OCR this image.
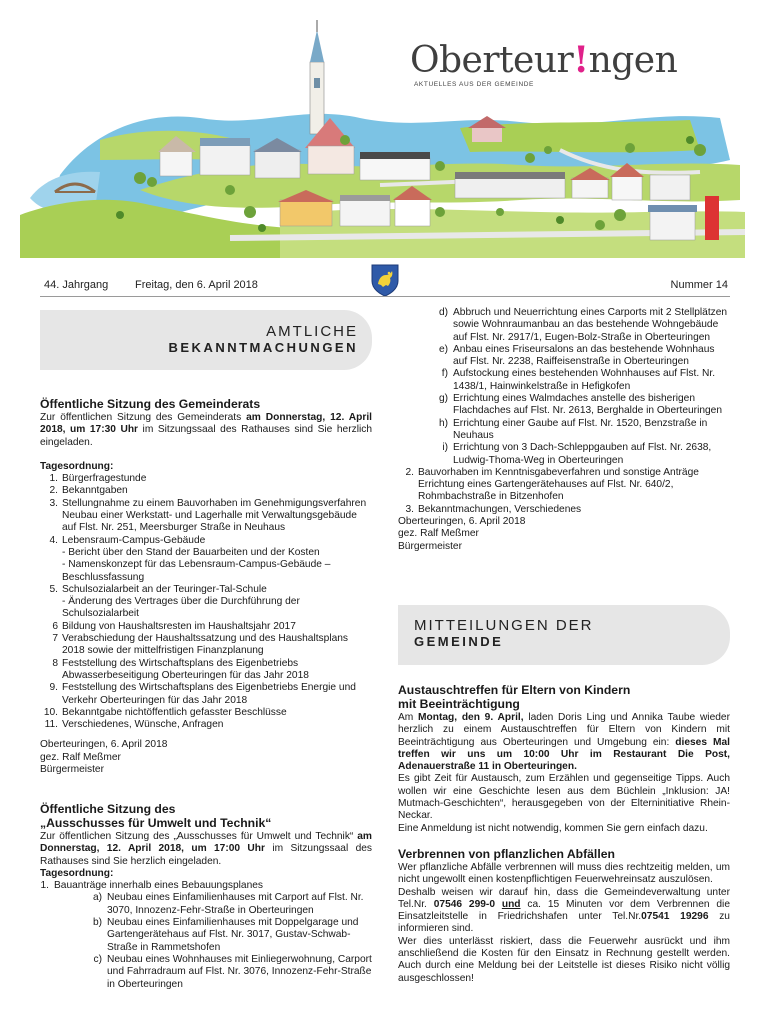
Oberteur!ngen
AKTUELLES AUS DER GEMEINDE
44. Jahrgang Freitag, den 6. April 2018	Nummer 14
AMTLICHE
BEKANNTMACHUNGEN
Öffentliche Sitzung des Gemeinderats

Zur öffentlichen Sitzung des Gemeinderats am Donnerstag, 12. April 2018, um 17:30 Uhr im Sitzungssaal des Rathauses sind Sie herzlich eingeladen.

Tagesordnung:

1. Bürgerfragestunde
2. Bekanntgaben
3. Stellungnahme zu einem Bauvorhaben im Genehmigungsverfahren
Neubau einer Werkstatt- und Lagerhalle mit Verwaltungsgebäude auf Flst. Nr. 251, Meersburger Straße in Neuhaus
4. Lebensraum-Campus-Gebäude
- Bericht über den Stand der Bauarbeiten und der Kosten
- Namenskonzept für das Lebensraum-Campus-Gebäude – Beschlussfassung
5. Schulsozialarbeit an der Teuringer-Tal-Schule
- Änderung des Vertrages über die Durchführung der Schulsozialarbeit
6 Bildung von Haushaltsresten im Haushaltsjahr 2017
7 Verabschiedung der Haushaltssatzung und des Haushaltsplans 2018 sowie der mittelfristigen Finanzplanung
8 Feststellung des Wirtschaftsplans des Eigenbetriebs Abwasserbeseitigung Oberteuringen für das Jahr 2018
9. Feststellung des Wirtschaftsplans des Eigenbetriebs Energie und Verkehr Oberteuringen für das Jahr 2018
10. Bekanntgabe nichtöffentlich gefasster Beschlüsse
11. Verschiedenes, Wünsche, Anfragen

Oberteuringen, 6. April 2018

gez. Ralf Meßmer

Bürgermeister

Öffentliche Sitzung des
„Ausschusses für Umwelt und Technik“

Zur öffentlichen Sitzung des „Ausschusses für Umwelt und Technik“ am Donnerstag, 12. April 2018, um 17:00 Uhr im Sitzungssaal des Rathauses sind Sie herzlich eingeladen.

Tagesordnung:

1. Bauanträge innerhalb eines Bebauungsplanes
a) Neubau eines Einfamilienhauses mit Carport auf Flst. Nr. 3070, Innozenz-Fehr-Straße in Oberteuringen
b) Neubau eines Einfamilienhauses mit Doppelgarage und Gartengerätehaus auf Flst. Nr. 3017, Gustav-Schwab-Straße in Rammetshofen
c) Neubau eines Wohnhauses mit Einliegerwohnung, Carport und Fahrradraum auf Flst. Nr. 3076, Innozenz-Fehr-Straße in Oberteuringen
d) Abbruch und Neuerrichtung eines Carports mit 2 Stellplätzen sowie Wohnraumanbau an das bestehende Wohngebäude auf Flst. Nr. 2917/1, Eugen-Bolz-Straße in Oberteuringen
e) Anbau eines Friseursalons an das bestehende Wohnhaus auf Flst. Nr. 2238, Raiffeisenstraße in Oberteuringen
f) Aufstockung eines bestehenden Wohnhauses auf Flst. Nr. 1438/1, Hainwinkelstraße in Hefigkofen
g) Errichtung eines Walmdaches anstelle des bisherigen Flachdaches auf Flst. Nr. 2613, Berghalde in Oberteuringen
h) Errichtung einer Gaube auf Flst. Nr. 1520, Benzstraße in Neuhaus
i) Errichtung von 3 Dach-Schleppgauben auf Flst. Nr. 2638, Ludwig-Thoma-Weg in Oberteuringen
2. Bauvorhaben im Kenntnisgabeverfahren und sonstige Anträge Errichtung eines Gartengerätehauses auf Flst. Nr. 640/2, Rohmbachstraße in Bitzenhofen
3. Bekanntmachungen, Verschiedenes

Oberteuringen, 6. April 2018

gez. Ralf Meßmer

Bürgermeister

MITTEILUNGEN DER
GEMEINDE
Austauschtreffen für Eltern von Kindern
mit Beeinträchtigung

Am Montag, den 9. April, laden Doris Ling und Annika Taube wieder herzlich zu einem Austauschtreffen für Eltern von Kindern mit Beeinträchtigung aus Oberteuringen und Umgebung ein: dieses Mal treffen wir uns um 10:00 Uhr im Restaurant Die Post, Adenauerstraße 11 in Oberteuringen.

Es gibt Zeit für Austausch, zum Erzählen und gegenseitige Tipps. Auch wollen wir eine Geschichte lesen aus dem Büchlein „Inklusion: JA! Mutmach-Geschichten“, herausgegeben von der Elterninitiative Rhein-Neckar.

Eine Anmeldung ist nicht notwendig, kommen Sie gern einfach dazu.

Verbrennen von pflanzlichen Abfällen

Wer pflanzliche Abfälle verbrennen will muss dies rechtzeitig melden, um nicht ungewollt einen kostenpflichtigen Feuerwehreinsatz auszulösen.

Deshalb weisen wir darauf hin, dass die Gemeindeverwaltung unter Tel.Nr. 07546 299-0 und ca. 15 Minuten vor dem Verbrennen die Einsatzleitstelle in Friedrichshafen unter Tel.Nr.07541 19296 zu informieren sind.

Wer dies unterlässt riskiert, dass die Feuerwehr ausrückt und ihm anschließend die Kosten für den Einsatz in Rechnung gestellt werden. Auch durch eine Meldung bei der Leitstelle ist dieses Risiko nicht völlig ausgeschlossen!
